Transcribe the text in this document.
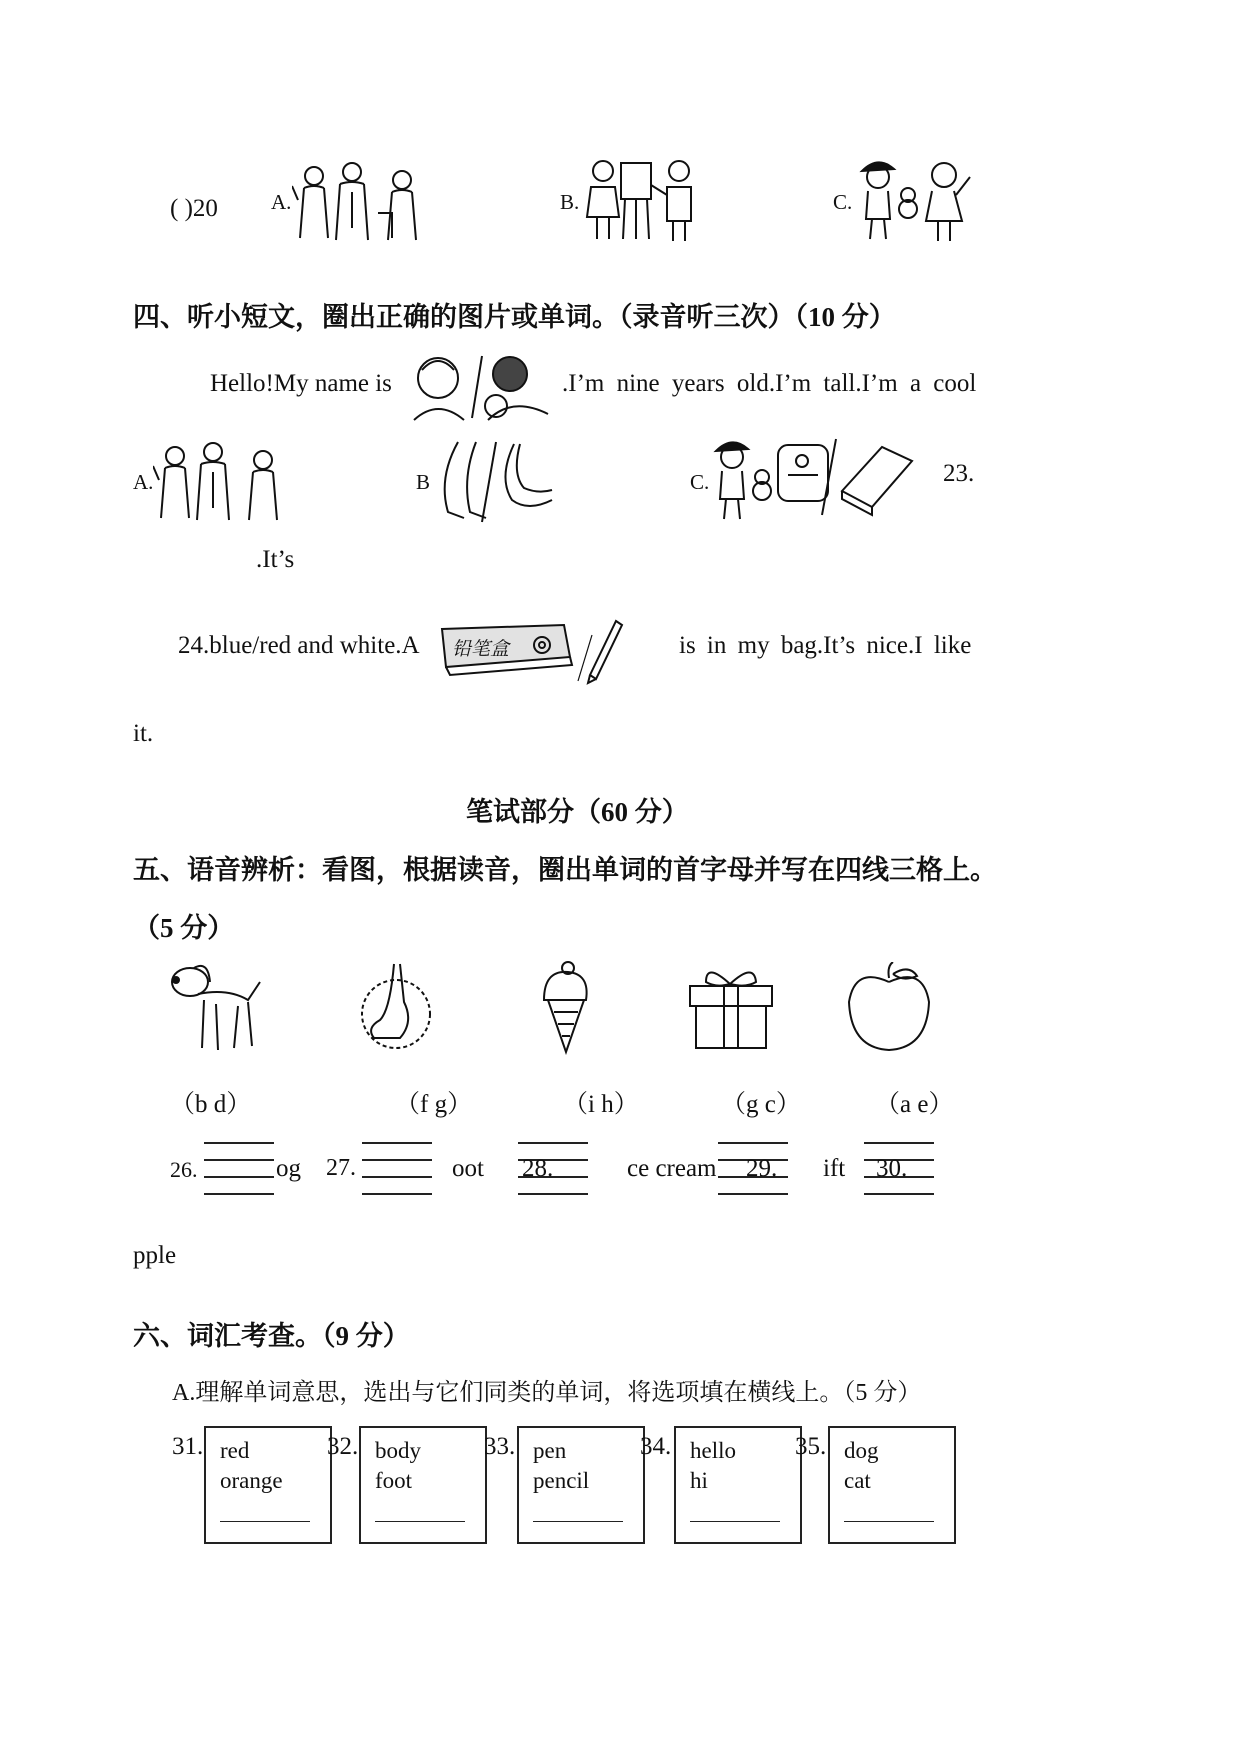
( )20	A.	B.	C.
四、听小短文，圈出正确的图片或单词。（录音听三次）（10 分）
Hello!My name is	.I’m nine years old.I’m tall.I’m a cool
A.	B	C.	23.
.It’s
24.blue/red and white.A 铅笔盒	is in my bag.It’s nice.I like
it.
笔试部分（60 分）
五、语音辨析：看图，根据读音，圈出单词的首字母并写在四线三格上。
（5 分）
（b d）	（f g）	（i h）	（g c）	（a e）
26.	og 27.	oot 28.	ce cream 29. ift 30.
pple
六、词汇考查。（9 分）
A.理解单词意思，选出与它们同类的单词，将选项填在横线上。（5 分）
31. red
orange
32. body
foot
33. pen
pencil
34. hello
hi
35. dog
cat
